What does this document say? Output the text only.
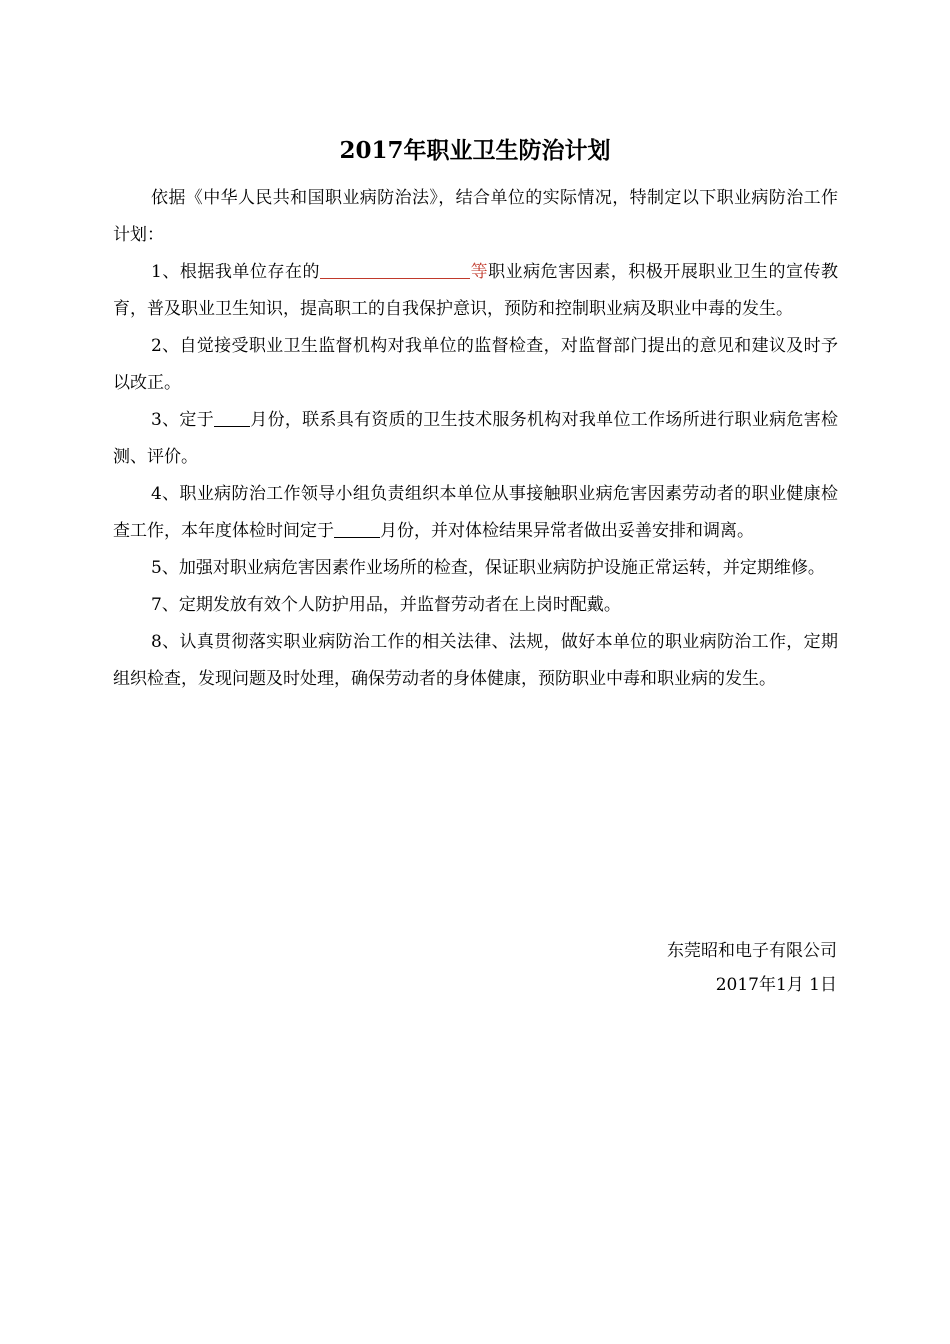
2017年职业卫生防治计划

依据《中华人民共和国职业病防治法》，结合单位的实际情况，特制定以下职业病防治工作计划：

1、根据我单位存在的	等职业病危害因素，积极开展职业卫生的宣传教育，普及职业卫生知识，提高职工的自我保护意识，预防和控制职业病及职业中毒的发生。

2、自觉接受职业卫生监督机构对我单位的监督检查，对监督部门提出的意见和建议及时予以改正。

3、定于 月份，联系具有资质的卫生技术服务机构对我单位工作场所进行职业病危害检测、评价。

4、职业病防治工作领导小组负责组织本单位从事接触职业病危害因素劳动者的职业健康检查工作，本年度体检时间定于	月份，并对体检结果异常者做出妥善安排和调离。

5、加强对职业病危害因素作业场所的检查，保证职业病防护设施正常运转，并定期维修。

7、定期发放有效个人防护用品，并监督劳动者在上岗时配戴。

8、认真贯彻落实职业病防治工作的相关法律、法规，做好本单位的职业病防治工作，定期组织检查，发现问题及时处理，确保劳动者的身体健康，预防职业中毒和职业病的发生。

东莞昭和电子有限公司
2017年1月 1日
